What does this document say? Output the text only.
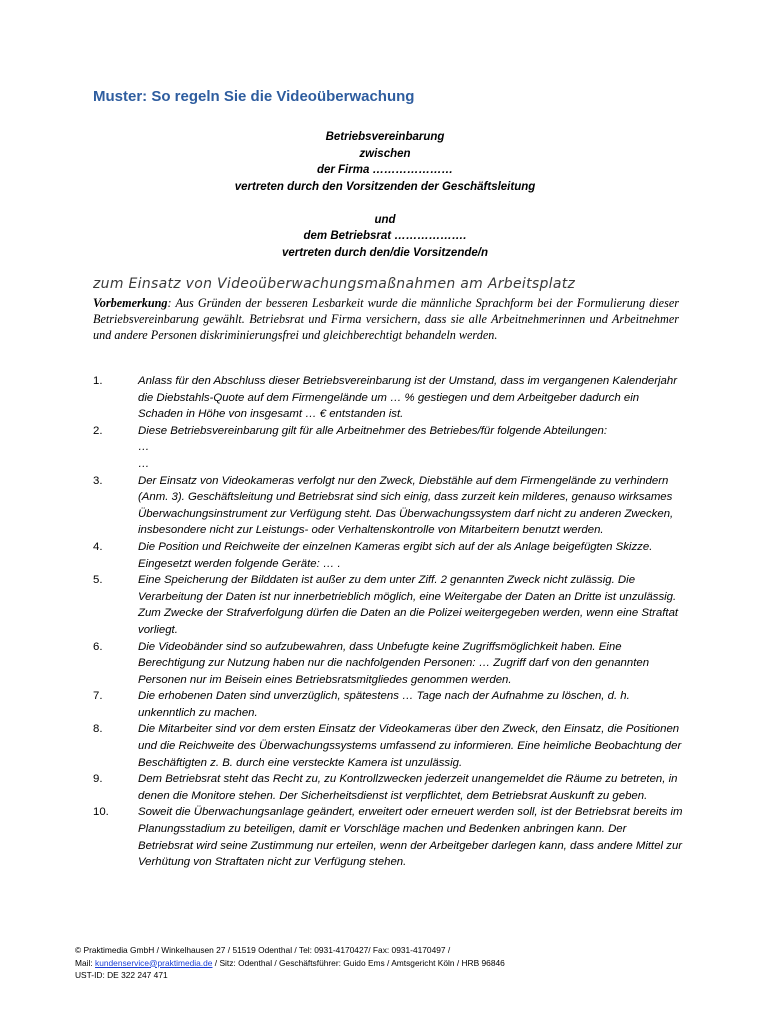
Muster: So regeln Sie die Videoüberwachung
Betriebsvereinbarung
zwischen
der Firma …………………
vertreten durch den Vorsitzenden der Geschäftsleitung
und
dem Betriebsrat ……………….
vertreten durch den/die Vorsitzende/n
zum Einsatz von Videoüberwachungsmaßnahmen am Arbeitsplatz
Vorbemerkung: Aus Gründen der besseren Lesbarkeit wurde die männliche Sprachform bei der Formulierung dieser Betriebsvereinbarung gewählt. Betriebsrat und Firma versichern, dass sie alle Arbeitnehmerinnen und Arbeitnehmer und andere Personen diskriminierungsfrei und gleichberechtigt behandeln werden.
1.	Anlass für den Abschluss dieser Betriebsvereinbarung ist der Umstand, dass im vergangenen Kalenderjahr die Diebstahls-Quote auf dem Firmengelände um … % gestiegen und dem Arbeitgeber dadurch ein Schaden in Höhe von insgesamt … € entstanden ist.
2.	Diese Betriebsvereinbarung gilt für alle Arbeitnehmer des Betriebes/für folgende Abteilungen:
…
…
3.	Der Einsatz von Videokameras verfolgt nur den Zweck, Diebstähle auf dem Firmengelände zu verhindern (Anm. 3). Geschäftsleitung und Betriebsrat sind sich einig, dass zurzeit kein milderes, genauso wirksames Überwachungsinstrument zur Verfügung steht. Das Überwachungssystem darf nicht zu anderen Zwecken, insbesondere nicht zur Leistungs- oder Verhaltenskontrolle von Mitarbeitern benutzt werden.
4.	Die Position und Reichweite der einzelnen Kameras ergibt sich auf der als Anlage beigefügten Skizze. Eingesetzt werden folgende Geräte: … .
5.	Eine Speicherung der Bilddaten ist außer zu dem unter Ziff. 2 genannten Zweck nicht zulässig. Die Verarbeitung der Daten ist nur innerbetrieblich möglich, eine Weitergabe der Daten an Dritte ist unzulässig. Zum Zwecke der Strafverfolgung dürfen die Daten an die Polizei weitergegeben werden, wenn eine Straftat vorliegt.
6.	Die Videobänder sind so aufzubewahren, dass Unbefugte keine Zugriffsmöglichkeit haben. Eine Berechtigung zur Nutzung haben nur die nachfolgenden Personen: … Zugriff darf von den genannten Personen nur im Beisein eines Betriebsratsmitgliedes genommen werden.
7.	Die erhobenen Daten sind unverzüglich, spätestens … Tage nach der Aufnahme zu löschen, d. h. unkenntlich zu machen.
8.	Die Mitarbeiter sind vor dem ersten Einsatz der Videokameras über den Zweck, den Einsatz, die Positionen und die Reichweite des Überwachungssystems umfassend zu informieren. Eine heimliche Beobachtung der Beschäftigten z. B. durch eine versteckte Kamera ist unzulässig.
9.	Dem Betriebsrat steht das Recht zu, zu Kontrollzwecken jederzeit unangemeldet die Räume zu betreten, in denen die Monitore stehen. Der Sicherheitsdienst ist verpflichtet, dem Betriebsrat Auskunft zu geben.
10.	Soweit die Überwachungsanlage geändert, erweitert oder erneuert werden soll, ist der Betriebsrat bereits im Planungsstadium zu beteiligen, damit er Vorschläge machen und Bedenken anbringen kann. Der Betriebsrat wird seine Zustimmung nur erteilen, wenn der Arbeitgeber darlegen kann, dass andere Mittel zur Verhütung von Straftaten nicht zur Verfügung stehen.
© Praktimedia GmbH / Winkelhausen 27 / 51519 Odenthal / Tel: 0931-4170427/ Fax: 0931-4170497 /
Mail: kundenservice@praktimedia.de / Sitz: Odenthal / Geschäftsführer: Guido Ems / Amtsgericht Köln / HRB 96846
UST-ID: DE 322 247 471
